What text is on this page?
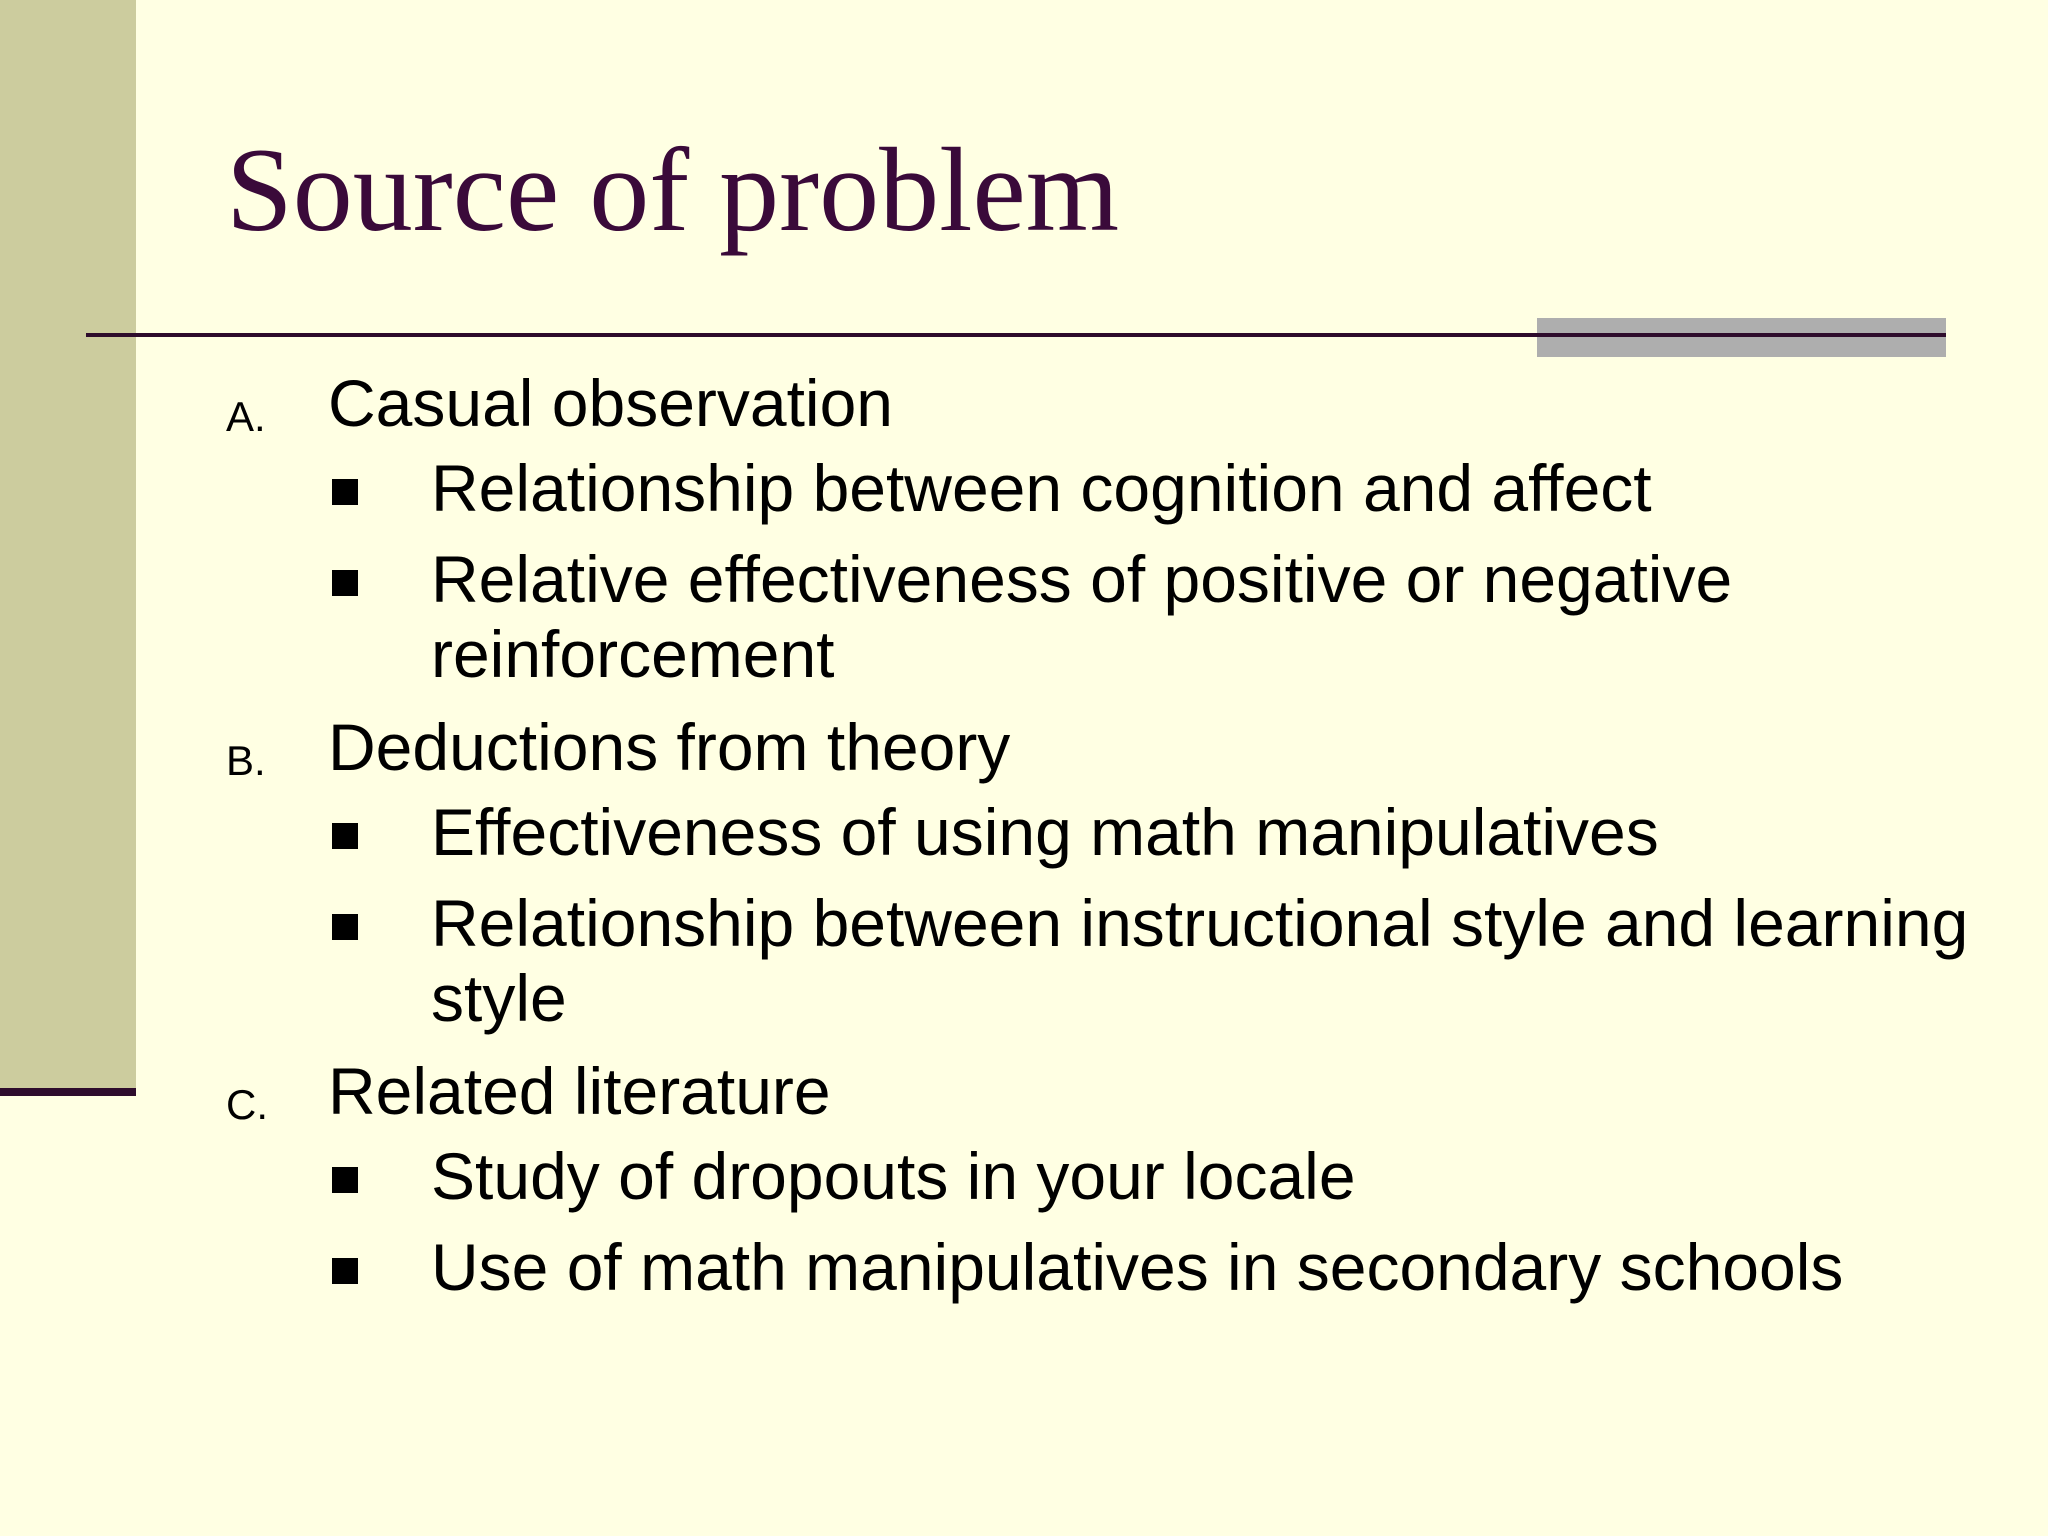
Source of problem
A. Casual observation
Relationship between cognition and affect
Relative effectiveness of positive or negative reinforcement
B. Deductions from theory
Effectiveness of using math manipulatives
Relationship between instructional style and learning style
C. Related literature
Study of dropouts in your locale
Use of math manipulatives in secondary schools
